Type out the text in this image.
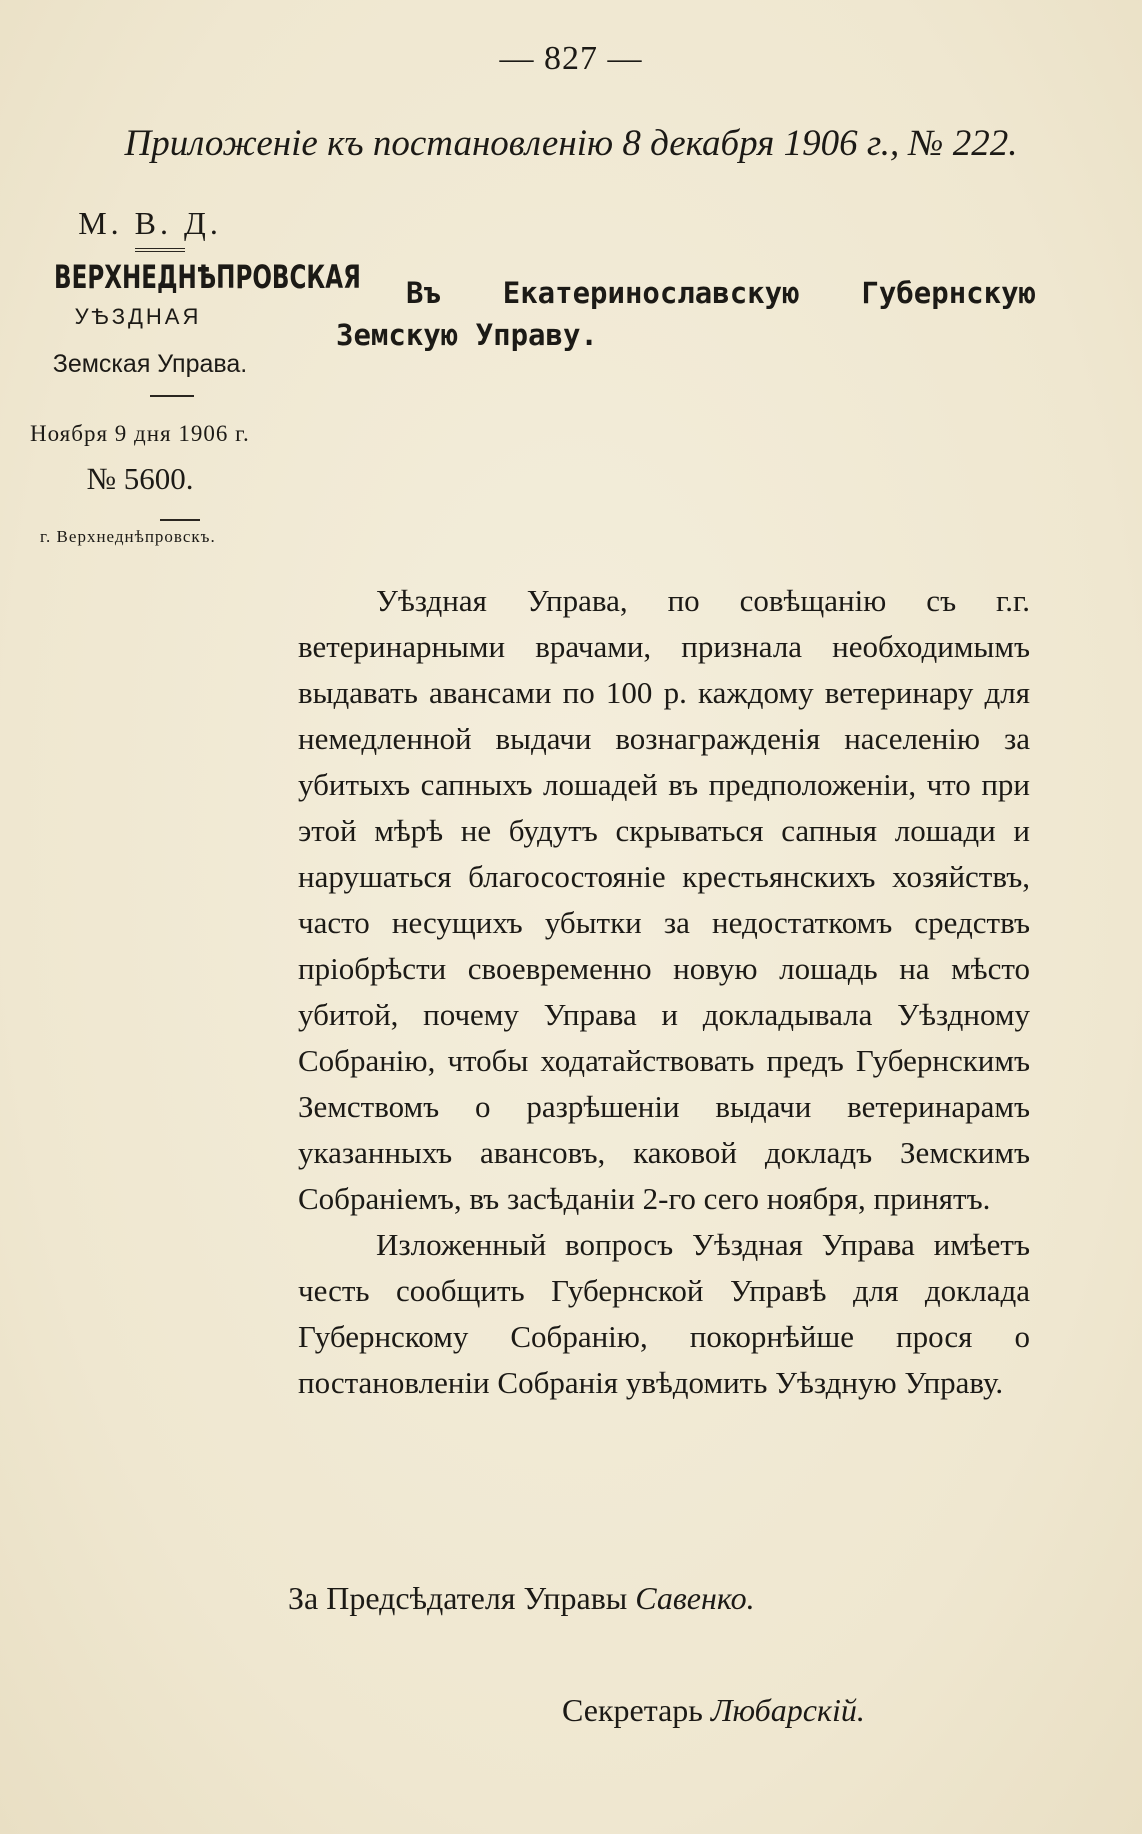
— 827 —
Приложеніе къ постановленію 8 декабря 1906 г., № 222.
М. В. Д.
ВЕРХНЕДНѢПРОВСКАЯ
УѢЗДНАЯ
Земская Управа.
Ноября 9 дня 1906 г.
№ 5600.
г. Верхнеднѣпровскъ.
Въ Екатеринославскую Губернскую Земскую Управу.

Уѣздная Управа, по совѣщанію съ г.г. ветеринарными врачами, признала необходимымъ выдавать авансами по 100 р. каждому ветеринару для немедленной выдачи вознагражденія населенію за убитыхъ сапныхъ лошадей въ предположеніи, что при этой мѣрѣ не будутъ скрываться сапныя лошади и нарушаться благосостояніе крестьянскихъ хозяйствъ, часто несущихъ убытки за недостаткомъ средствъ пріобрѣсти своевременно новую лошадь на мѣсто убитой, почему Управа и докладывала Уѣздному Собранію, чтобы ходатайствовать предъ Губернскимъ Земствомъ о разрѣшеніи выдачи ветеринарамъ указанныхъ авансовъ, каковой докладъ Земскимъ Собраніемъ, въ засѣданіи 2-го сего ноября, принятъ.

Изложенный вопросъ Уѣздная Управа имѣетъ честь сообщить Губернской Управѣ для доклада Губернскому Собранію, покорнѣйше прося о постановленіи Собранія увѣдомить Уѣздную Управу.

За Предсѣдателя Управы Савенко.
Секретарь Любарскій.
